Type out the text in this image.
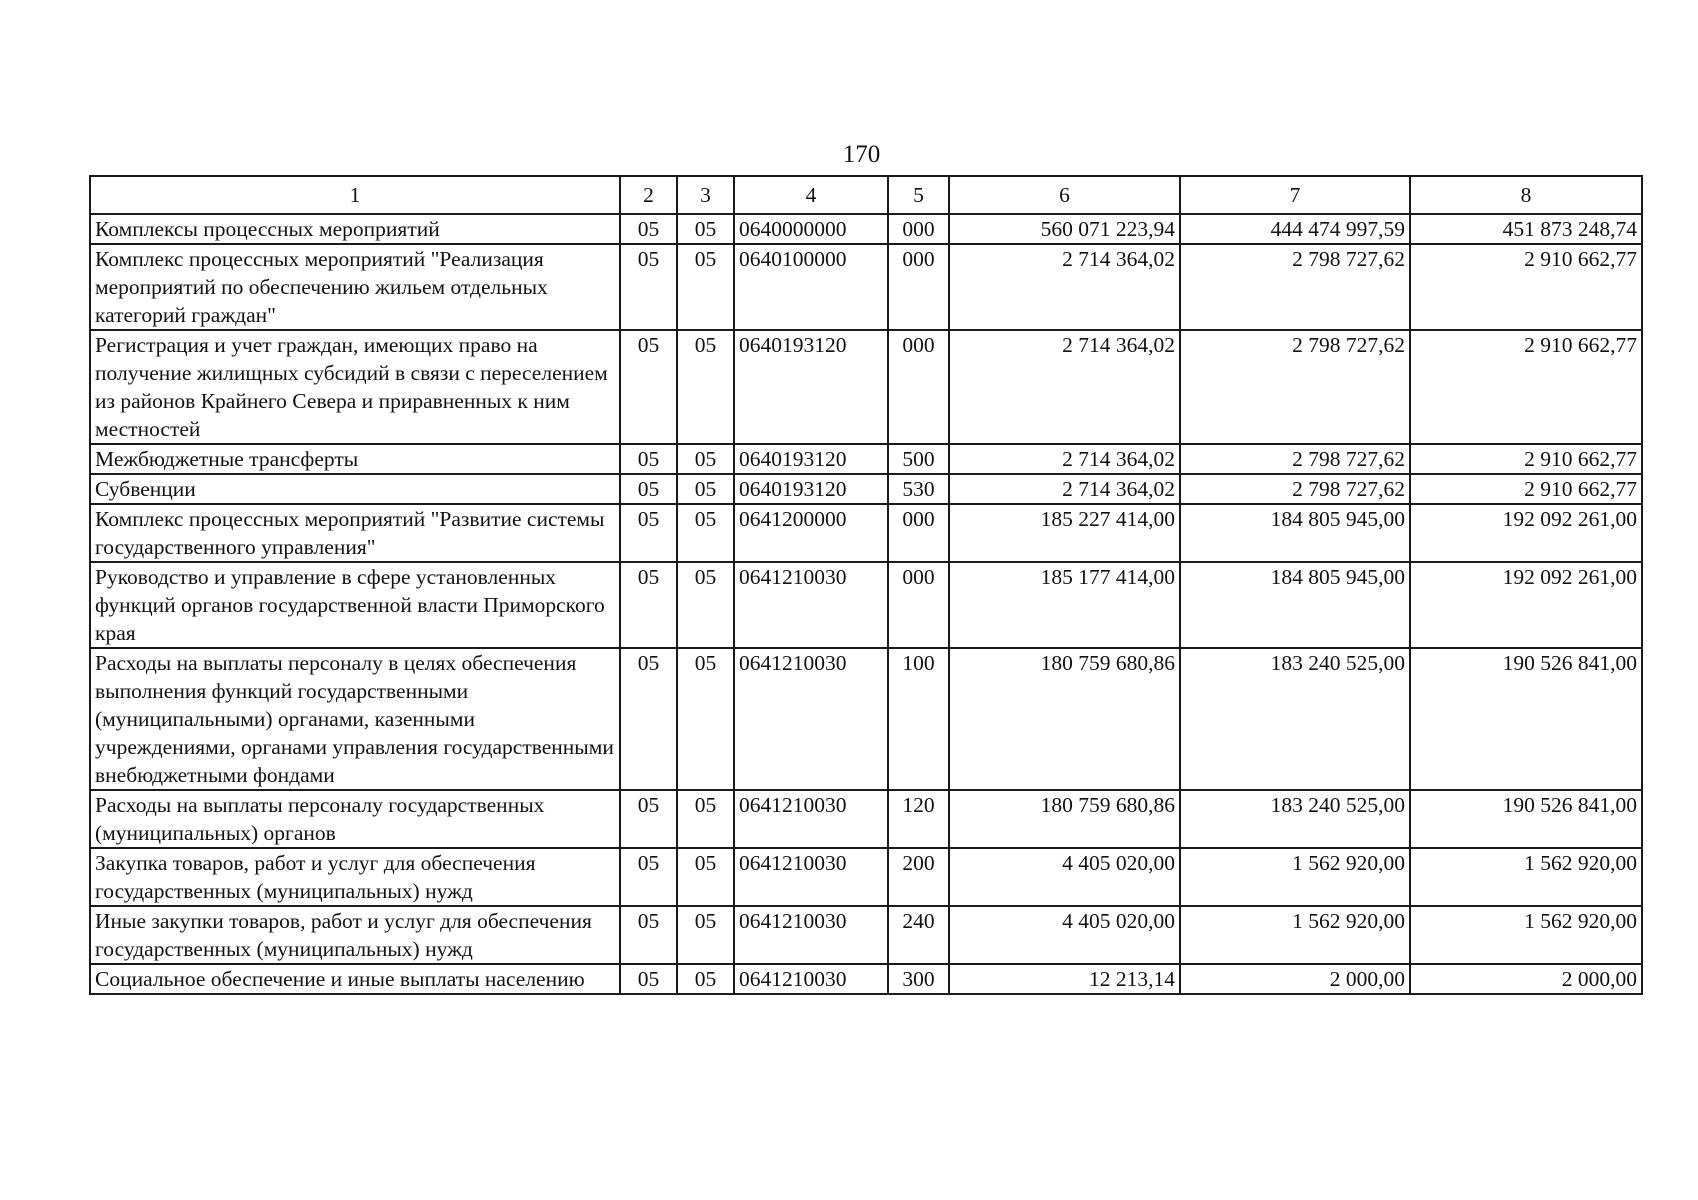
170
1	2	3	4	5	6	7	8
Комплексы процессных мероприятий	05	05	0640000000	000	560 071 223,94	444 474 997,59	451 873 248,74
Комплекс процессных мероприятий "Реализация мероприятий по обеспечению жильем отдельных категорий граждан"	05	05	0640100000	000	2 714 364,02	2 798 727,62	2 910 662,77
Регистрация и учет граждан, имеющих право на получение жилищных субсидий в связи с переселением из районов Крайнего Севера и приравненных к ним местностей	05	05	0640193120	000	2 714 364,02	2 798 727,62	2 910 662,77
Межбюджетные трансферты	05	05	0640193120	500	2 714 364,02	2 798 727,62	2 910 662,77
Субвенции	05	05	0640193120	530	2 714 364,02	2 798 727,62	2 910 662,77
Комплекс процессных мероприятий "Развитие системы государственного управления"	05	05	0641200000	000	185 227 414,00	184 805 945,00	192 092 261,00
Руководство и управление в сфере установленных функций органов государственной власти Приморского края	05	05	0641210030	000	185 177 414,00	184 805 945,00	192 092 261,00
Расходы на выплаты персоналу в целях обеспечения выполнения функций государственными (муниципальными) органами, казенными учреждениями, органами управления государственными внебюджетными фондами	05	05	0641210030	100	180 759 680,86	183 240 525,00	190 526 841,00
Расходы на выплаты персоналу государственных (муниципальных) органов	05	05	0641210030	120	180 759 680,86	183 240 525,00	190 526 841,00
Закупка товаров, работ и услуг для обеспечения государственных (муниципальных) нужд	05	05	0641210030	200	4 405 020,00	1 562 920,00	1 562 920,00
Иные закупки товаров, работ и услуг для обеспечения государственных (муниципальных) нужд	05	05	0641210030	240	4 405 020,00	1 562 920,00	1 562 920,00
Социальное обеспечение и иные выплаты населению	05	05	0641210030	300	12 213,14	2 000,00	2 000,00
